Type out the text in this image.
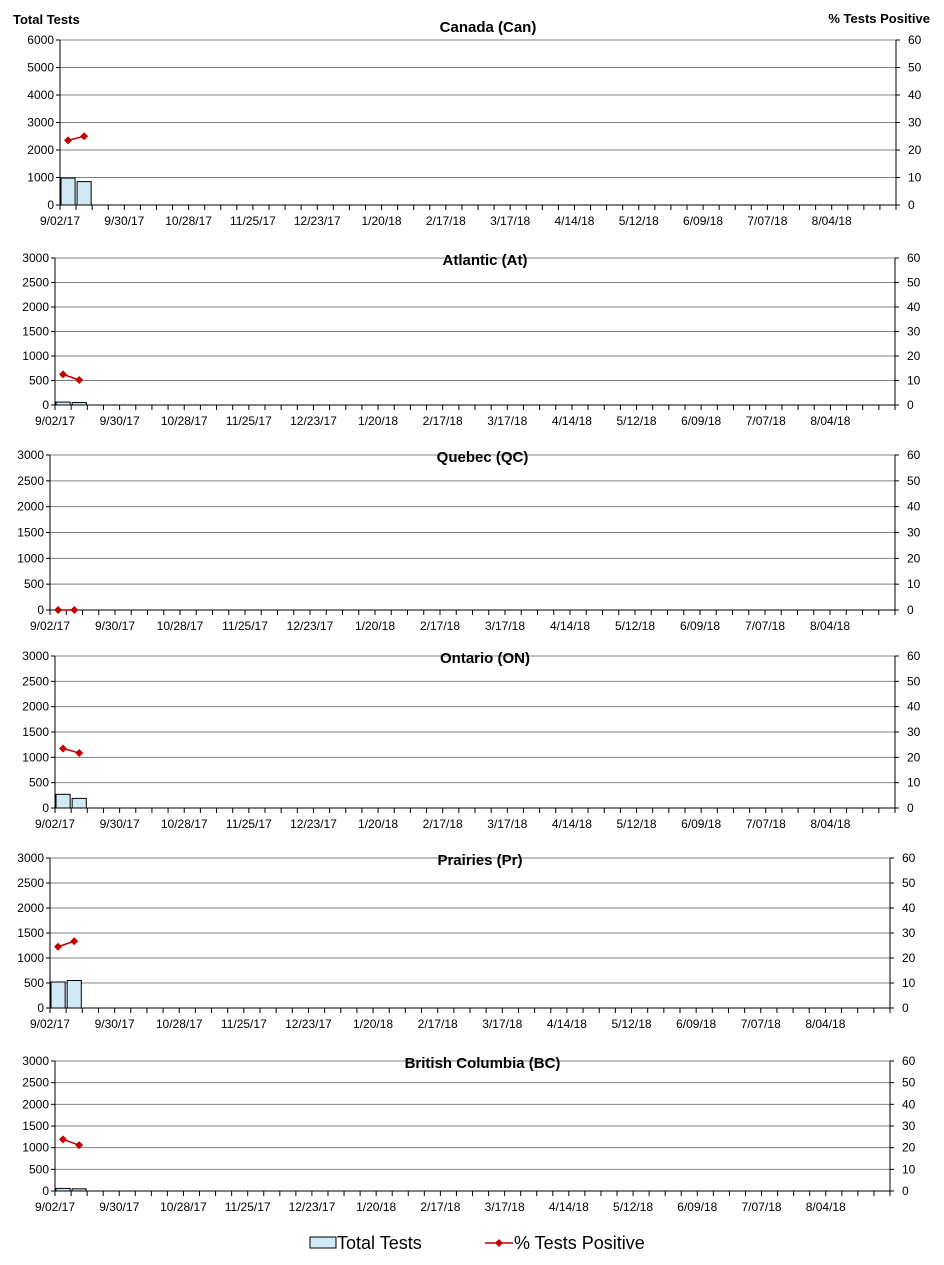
Total Tests	% Tests Positive
0
1000
2000
3000
4000
5000
6000
0
10
20
30
40
50
60
9/02/17 9/30/17 10/28/17 11/25/17 12/23/17 1/20/18 2/17/18 3/17/18 4/14/18 5/12/18 6/09/18 7/07/18 8/04/18
Canada (Can)
0
500
1000
1500
2000
2500
3000
0
10
20
30
40
50
60
9/02/17 9/30/17 10/28/17 11/25/17 12/23/17 1/20/18 2/17/18 3/17/18 4/14/18 5/12/18 6/09/18 7/07/18 8/04/18
Atlantic (At)
0
500
1000
1500
2000
2500
3000
0
10
20
30
40
50
60
9/02/17 9/30/17 10/28/17 11/25/17 12/23/17 1/20/18 2/17/18 3/17/18 4/14/18 5/12/18 6/09/18 7/07/18 8/04/18
Quebec (QC)
0
500
1000
1500
2000
2500
3000
0
10
20
30
40
50
60
9/02/17 9/30/17 10/28/17 11/25/17 12/23/17 1/20/18 2/17/18 3/17/18 4/14/18 5/12/18 6/09/18 7/07/18 8/04/18
Ontario (ON)
0
500
1000
1500
2000
2500
3000
0
10
20
30
40
50
60
9/02/17 9/30/17 10/28/17 11/25/17 12/23/17 1/20/18 2/17/18 3/17/18 4/14/18 5/12/18 6/09/18 7/07/18 8/04/18
Prairies (Pr)
0
500
1000
1500
2000
2500
3000
0
10
20
30
40
50
60
9/02/17 9/30/17 10/28/17 11/25/17 12/23/17 1/20/18 2/17/18 3/17/18 4/14/18 5/12/18 6/09/18 7/07/18 8/04/18
British Columbia (BC)
Total Tests	% Tests Positive
